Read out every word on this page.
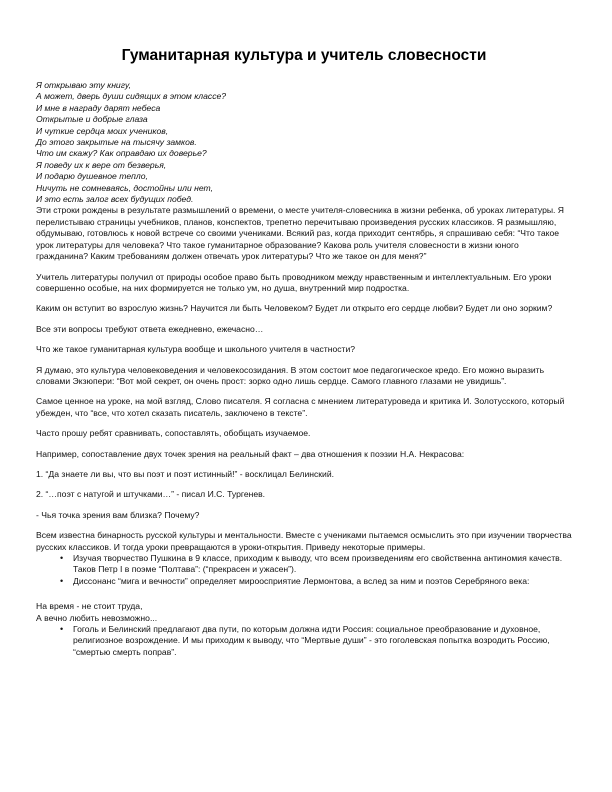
Гуманитарная культура и учитель словесности
Я открываю эту книгу,
А может, дверь души сидящих в этом классе?
И мне в награду дарят небеса
Открытые и добрые глаза
И чуткие сердца моих учеников,
До этого закрытые на тысячу замков.
Что им скажу? Как оправдаю их доверье?
Я поведу их к вере от безверья,
И подарю душевное тепло,
Ничуть не сомневаясь, достойны или нет,
И это есть залог всех будущих побед.

Эти строки рождены в результате размышлений о времени, о месте учителя-словесника в жизни ребенка, об уроках литературы. Я перелистываю страницы учебников, планов, конспектов, трепетно перечитываю произведения русских классиков. Я размышляю, обдумываю, готовлюсь к новой встрече со своими учениками. Всякий раз, когда приходит сентябрь, я спрашиваю себя: “Что такое урок литературы для человека? Что такое гуманитарное образование? Какова роль учителя словесности в жизни юного гражданина? Каким требованиям должен отвечать урок литературы? Что же такое он для меня?”

Учитель литературы получил от природы особое право быть проводником между нравственным и интеллектуальным. Его уроки совершенно особые, на них формируется не только ум, но душа, внутренний мир подростка.

Каким он вступит во взрослую жизнь? Научится ли быть Человеком? Будет ли открыто его сердце любви? Будет ли оно зорким?

Все эти вопросы требуют ответа ежедневно, ежечасно…

Что же такое гуманитарная культура вообще и школьного учителя в частности?

Я думаю, это культура человековедения и человекосозидания. В этом состоит мое педагогическое кредо. Его можно выразить словами Экзюпери: “Вот мой секрет, он очень прост: зорко одно лишь сердце. Самого главного глазами не увидишь”.

Самое ценное на уроке, на мой взгляд, Слово писателя. Я согласна с мнением литературоведа и критика И. Золотусского, который убежден, что “все, что хотел сказать писатель, заключено в тексте”.

Часто прошу ребят сравнивать, сопоставлять, обобщать изучаемое.

Например, сопоставление двух точек зрения на реальный факт – два отношения к поэзии Н.А. Некрасова:

1. “Да знаете ли вы, что вы поэт и поэт истинный!” - восклицал Белинский.

2. “…поэт с натугой и штучками…” - писал И.С. Тургенев.

- Чья точка зрения вам близка? Почему?

Всем известна бинарность русской культуры и ментальности. Вместе с учениками пытаемся осмыслить это при изучении творчества русских классиков. И тогда уроки превращаются в уроки-открытия. Приведу некоторые примеры.

• Изучая творчество Пушкина в 9 классе, приходим к выводу, что всем произведениям его свойственна антиномия качеств. Таков Петр I в поэме “Полтава”: (“прекрасен и ужасен”).
• Диссонанс “мига и вечности” определяет мироосприятие Лермонтова, а вслед за ним и поэтов Серебряного века:
На время - не стоит труда,
А вечно любить невозможно...
• Гоголь и Белинский предлагают два пути, по которым должна идти Россия: социальное преобразование и духовное, религиозное возрождение. И мы приходим к выводу, что “Мертвые души” - это гоголевская попытка возродить Россию, “смертью смерть поправ”.
